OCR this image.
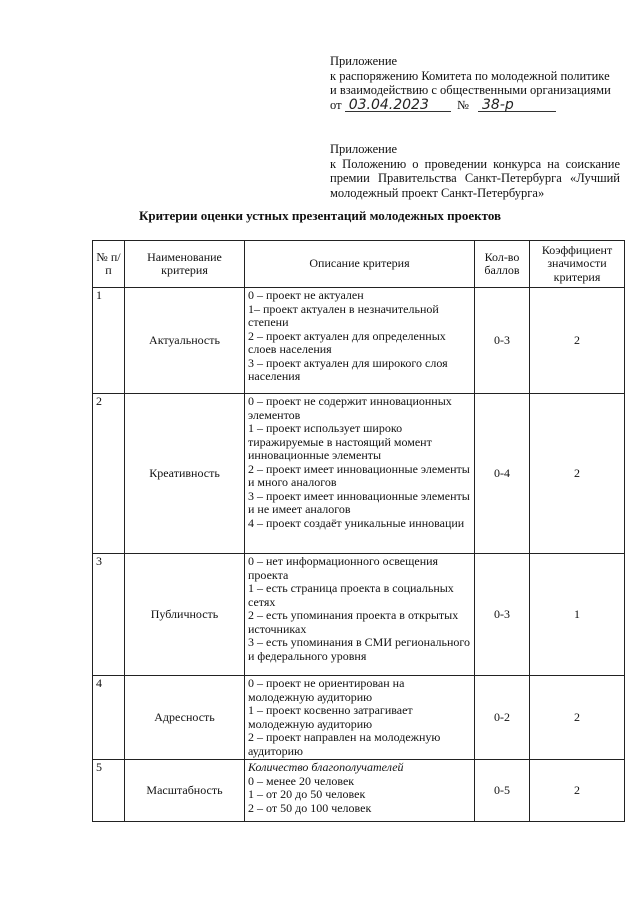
Приложение
к распоряжению Комитета по молодежной политике
и взаимодействию с общественными организациями
от 03.04.2023 № 38-р
Приложение
к Положению о проведении конкурса на соискание премии Правительства Санкт-Петербурга «Лучший молодежный проект Санкт-Петербурга»
Критерии оценки устных презентаций молодежных проектов
№ п/п	Наименование критерия	Описание критерия	Кол-во баллов	Коэффициент значимости критерия
1	Актуальность	0 – проект не актуален
1– проект актуален в незначительной степени
2 – проект актуален для определенных слоев населения
3 – проект актуален для широкого слоя населения	0-3	2
2	Креативность	0 – проект не содержит инновационных элементов
1 – проект использует широко тиражируемые в настоящий момент инновационные элементы
2 – проект имеет инновационные элементы и много аналогов
3 – проект имеет инновационные элементы и не имеет аналогов
4 – проект создаёт уникальные инновации	0-4	2
3	Публичность	0 – нет информационного освещения проекта
1 – есть страница проекта в социальных сетях
2 – есть упоминания проекта в открытых источниках
3 – есть упоминания в СМИ регионального и федерального уровня	0-3	1
4	Адресность	0 – проект не ориентирован на молодежную аудиторию
1 – проект косвенно затрагивает молодежную аудиторию
2 – проект направлен на молодежную аудиторию	0-2	2
5	Масштабность	Количество благополучателей
0 – менее 20 человек
1 – от 20 до 50 человек
2 – от 50 до 100 человек	0-5	2
